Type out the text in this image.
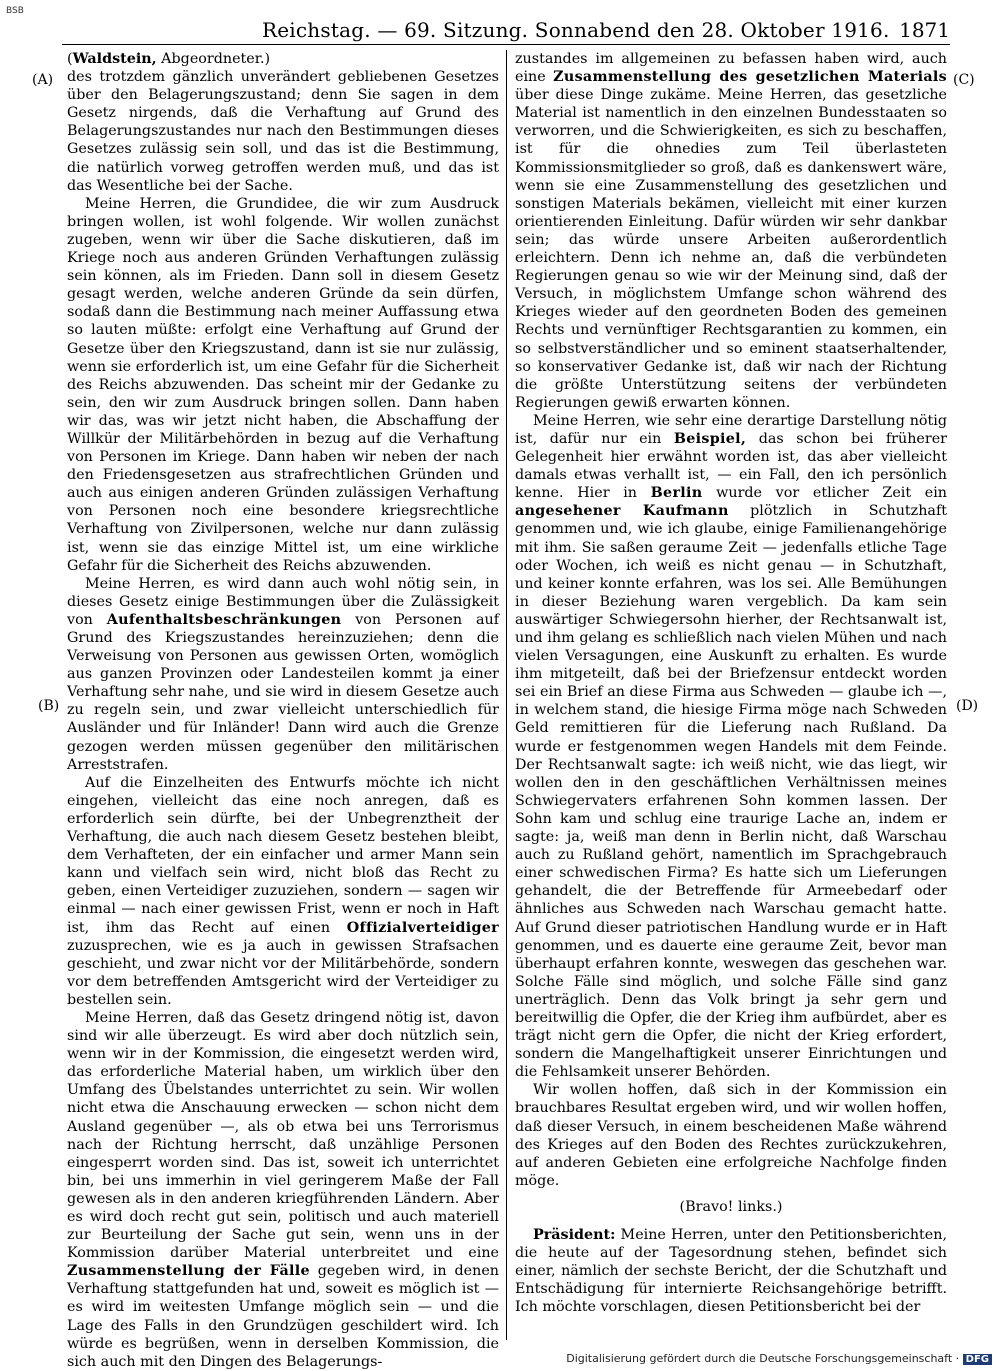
BSB
Reichstag. — 69. Sitzung. Sonnabend den 28. Oktober 1916. 1871
(A)
(B)
(C)
(D)

(Waldstein, Abgeordneter.)

des trotzdem gänzlich unverändert gebliebenen Gesetzes über den Belagerungszustand; denn Sie sagen in dem Gesetz nirgends, daß die Verhaftung auf Grund des Belagerungszustandes nur nach den Bestimmungen dieses Gesetzes zulässig sein soll, und das ist die Bestimmung, die natürlich vorweg getroffen werden muß, und das ist das Wesentliche bei der Sache.

Meine Herren, die Grundidee, die wir zum Ausdruck bringen wollen, ist wohl folgende. Wir wollen zunächst zugeben, wenn wir über die Sache diskutieren, daß im Kriege noch aus anderen Gründen Verhaftungen zulässig sein können, als im Frieden. Dann soll in diesem Gesetz gesagt werden, welche anderen Gründe da sein dürfen, sodaß dann die Bestimmung nach meiner Auffassung etwa so lauten müßte: erfolgt eine Verhaftung auf Grund der Gesetze über den Kriegszustand, dann ist sie nur zulässig, wenn sie erforderlich ist, um eine Gefahr für die Sicherheit des Reichs abzuwenden. Das scheint mir der Gedanke zu sein, den wir zum Ausdruck bringen sollen. Dann haben wir das, was wir jetzt nicht haben, die Abschaffung der Willkür der Militärbehörden in bezug auf die Verhaftung von Personen im Kriege. Dann haben wir neben der nach den Friedensgesetzen aus strafrechtlichen Gründen und auch aus einigen anderen Gründen zulässigen Verhaftung von Personen noch eine besondere kriegsrechtliche Verhaftung von Zivilpersonen, welche nur dann zulässig ist, wenn sie das einzige Mittel ist, um eine wirkliche Gefahr für die Sicherheit des Reichs abzuwenden.

Meine Herren, es wird dann auch wohl nötig sein, in dieses Gesetz einige Bestimmungen über die Zulässigkeit von Aufenthaltsbeschränkungen von Personen auf Grund des Kriegszustandes hereinzuziehen; denn die Verweisung von Personen aus gewissen Orten, womöglich aus ganzen Provinzen oder Landesteilen kommt ja einer Verhaftung sehr nahe, und sie wird in diesem Gesetze auch zu regeln sein, und zwar vielleicht unterschiedlich für Ausländer und für Inländer! Dann wird auch die Grenze gezogen werden müssen gegenüber den militärischen Arreststrafen.

Auf die Einzelheiten des Entwurfs möchte ich nicht eingehen, vielleicht das eine noch anregen, daß es erforderlich sein dürfte, bei der Unbegrenztheit der Verhaftung, die auch nach diesem Gesetz bestehen bleibt, dem Verhafteten, der ein einfacher und armer Mann sein kann und vielfach sein wird, nicht bloß das Recht zu geben, einen Verteidiger zuzuziehen, sondern — sagen wir einmal — nach einer gewissen Frist, wenn er noch in Haft ist, ihm das Recht auf einen Offizialverteidiger zuzusprechen, wie es ja auch in gewissen Strafsachen geschieht, und zwar nicht vor der Militärbehörde, sondern vor dem betreffenden Amtsgericht wird der Verteidiger zu bestellen sein.

Meine Herren, daß das Gesetz dringend nötig ist, davon sind wir alle überzeugt. Es wird aber doch nützlich sein, wenn wir in der Kommission, die eingesetzt werden wird, das erforderliche Material haben, um wirklich über den Umfang des Übelstandes unterrichtet zu sein. Wir wollen nicht etwa die Anschauung erwecken — schon nicht dem Ausland gegenüber —, als ob etwa bei uns Terrorismus nach der Richtung herrscht, daß unzählige Personen eingesperrt worden sind. Das ist, soweit ich unterrichtet bin, bei uns immerhin in viel geringerem Maße der Fall gewesen als in den anderen kriegführenden Ländern. Aber es wird doch recht gut sein, politisch und auch materiell zur Beurteilung der Sache gut sein, wenn uns in der Kommission darüber Material unterbreitet und eine Zusammenstellung der Fälle gegeben wird, in denen Verhaftung stattgefunden hat und, soweit es möglich ist — es wird im weitesten Umfange möglich sein — und die Lage des Falls in den Grundzügen geschildert wird. Ich würde es begrüßen, wenn in derselben Kommission, die sich auch mit den Dingen des Belagerungs-

zustandes im allgemeinen zu befassen haben wird, auch eine Zusammenstellung des gesetzlichen Materials über diese Dinge zukäme. Meine Herren, das gesetzliche Material ist namentlich in den einzelnen Bundesstaaten so verworren, und die Schwierigkeiten, es sich zu beschaffen, ist für die ohnedies zum Teil überlasteten Kommissionsmitglieder so groß, daß es dankenswert wäre, wenn sie eine Zusammenstellung des gesetzlichen und sonstigen Materials bekämen, vielleicht mit einer kurzen orientierenden Einleitung. Dafür würden wir sehr dankbar sein; das würde unsere Arbeiten außerordentlich erleichtern. Denn ich nehme an, daß die verbündeten Regierungen genau so wie wir der Meinung sind, daß der Versuch, in möglichstem Umfange schon während des Krieges wieder auf den geordneten Boden des gemeinen Rechts und vernünftiger Rechtsgarantien zu kommen, ein so selbstverständlicher und so eminent staatserhaltender, so konservativer Gedanke ist, daß wir nach der Richtung die größte Unterstützung seitens der verbündeten Regierungen gewiß erwarten können.

Meine Herren, wie sehr eine derartige Darstellung nötig ist, dafür nur ein Beispiel, das schon bei früherer Gelegenheit hier erwähnt worden ist, das aber vielleicht damals etwas verhallt ist, — ein Fall, den ich persönlich kenne. Hier in Berlin wurde vor etlicher Zeit ein angesehener Kaufmann plötzlich in Schutzhaft genommen und, wie ich glaube, einige Familienangehörige mit ihm. Sie saßen geraume Zeit — jedenfalls etliche Tage oder Wochen, ich weiß es nicht genau — in Schutzhaft, und keiner konnte erfahren, was los sei. Alle Bemühungen in dieser Beziehung waren vergeblich. Da kam sein auswärtiger Schwiegersohn hierher, der Rechtsanwalt ist, und ihm gelang es schließlich nach vielen Mühen und nach vielen Versagungen, eine Auskunft zu erhalten. Es wurde ihm mitgeteilt, daß bei der Briefzensur entdeckt worden sei ein Brief an diese Firma aus Schweden — glaube ich —, in welchem stand, die hiesige Firma möge nach Schweden Geld remittieren für die Lieferung nach Rußland. Da wurde er festgenommen wegen Handels mit dem Feinde. Der Rechtsanwalt sagte: ich weiß nicht, wie das liegt, wir wollen den in den geschäftlichen Verhältnissen meines Schwiegervaters erfahrenen Sohn kommen lassen. Der Sohn kam und schlug eine traurige Lache an, indem er sagte: ja, weiß man denn in Berlin nicht, daß Warschau auch zu Rußland gehört, namentlich im Sprachgebrauch einer schwedischen Firma? Es hatte sich um Lieferungen gehandelt, die der Betreffende für Armeebedarf oder ähnliches aus Schweden nach Warschau gemacht hatte. Auf Grund dieser patriotischen Handlung wurde er in Haft genommen, und es dauerte eine geraume Zeit, bevor man überhaupt erfahren konnte, weswegen das geschehen war. Solche Fälle sind möglich, und solche Fälle sind ganz unerträglich. Denn das Volk bringt ja sehr gern und bereitwillig die Opfer, die der Krieg ihm aufbürdet, aber es trägt nicht gern die Opfer, die nicht der Krieg erfordert, sondern die Mangelhaftigkeit unserer Einrichtungen und die Fehlsamkeit unserer Behörden.

Wir wollen hoffen, daß sich in der Kommission ein brauchbares Resultat ergeben wird, und wir wollen hoffen, daß dieser Versuch, in einem bescheidenen Maße während des Krieges auf den Boden des Rechtes zurückzukehren, auf anderen Gebieten eine erfolgreiche Nachfolge finden möge.

(Bravo! links.)

Präsident: Meine Herren, unter den Petitionsberichten, die heute auf der Tagesordnung stehen, befindet sich einer, nämlich der sechste Bericht, der die Schutzhaft und Entschädigung für internierte Reichsangehörige betrifft. Ich möchte vorschlagen, diesen Petitionsbericht bei der

Digitalisierung gefördert durch die Deutsche Forschungsgemeinschaft · DFG
